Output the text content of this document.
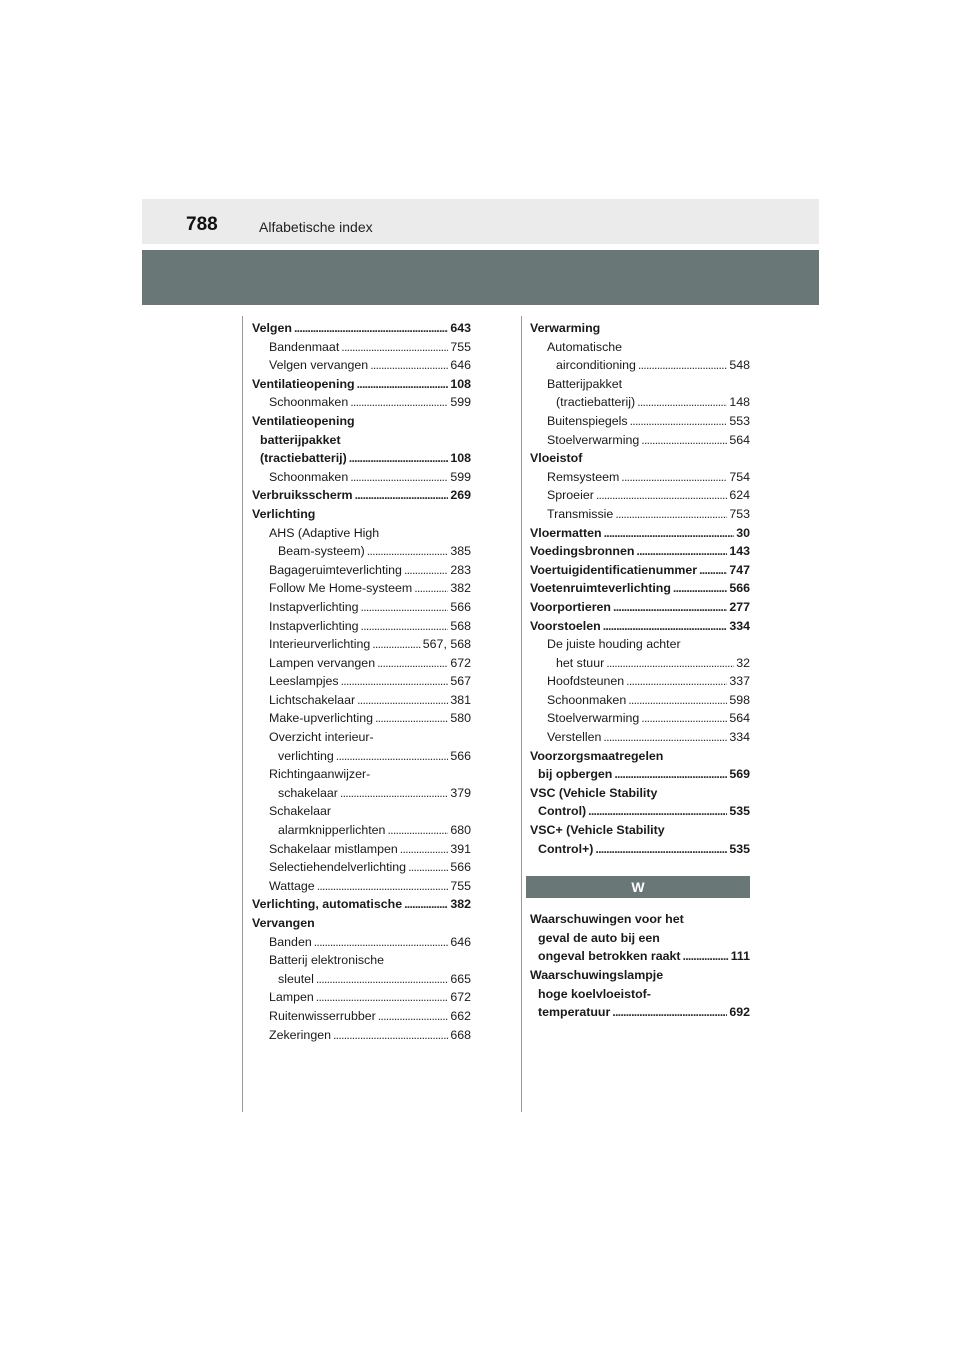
788	Alfabetische index
Velgen . . .	643
Bandenmaat . . .	755
Velgen vervangen . . .	646
Ventilatieopening . . .	108
Schoonmaken . . .	599
Ventilatieopening
batterijpakket
(tractiebatterij) . . .	108
Schoonmaken . . .	599
Verbruiksscherm . . .	269
Verlichting
AHS (Adaptive High
Beam-systeem) . . .	385
Bagageruimteverlichting . . .	283
Follow Me Home-systeem . . .	382
Instapverlichting . . .	566
Instapverlichting . . .	568
Interieurverlichting . . .	567, 568
Lampen vervangen . . .	672
Leeslampjes . . .	567
Lichtschakelaar . . .	381
Make-upverlichting . . .	580
Overzicht interieur-
verlichting . . .	566
Richtingaanwijzer-
schakelaar . . .	379
Schakelaar
alarmknipperlichten . . .	680
Schakelaar mistlampen . . .	391
Selectiehendelverlichting . . .	566
Wattage . . .	755
Verlichting, automatische . . .	382
Vervangen
Banden . . .	646
Batterij elektronische
sleutel . . .	665
Lampen . . .	672
Ruitenwisserrubber . . .	662
Zekeringen . . .	668
Verwarming
Automatische
airconditioning . . .	548
Batterijpakket
(tractiebatterij) . . .	148
Buitenspiegels . . .	553
Stoelverwarming . . .	564
Vloeistof
Remsysteem . . .	754
Sproeier . . .	624
Transmissie . . .	753
Vloermatten . . .	30
Voedingsbronnen . . .	143
Voertuigidentificatienummer . . .	747
Voetenruimteverlichting . . .	566
Voorportieren . . .	277
Voorstoelen . . .	334
De juiste houding achter
het stuur . . .	32
Hoofdsteunen . . .	337
Schoonmaken . . .	598
Stoelverwarming . . .	564
Verstellen . . .	334
Voorzorgsmaatregelen
bij opbergen . . .	569
VSC (Vehicle Stability
Control) . . .	535
VSC+ (Vehicle Stability
Control+) . . .	535
W
Waarschuwingen voor het
geval de auto bij een
ongeval betrokken raakt . . .	111
Waarschuwingslampje
hoge koelvloeistof-
temperatuur . . .	692
